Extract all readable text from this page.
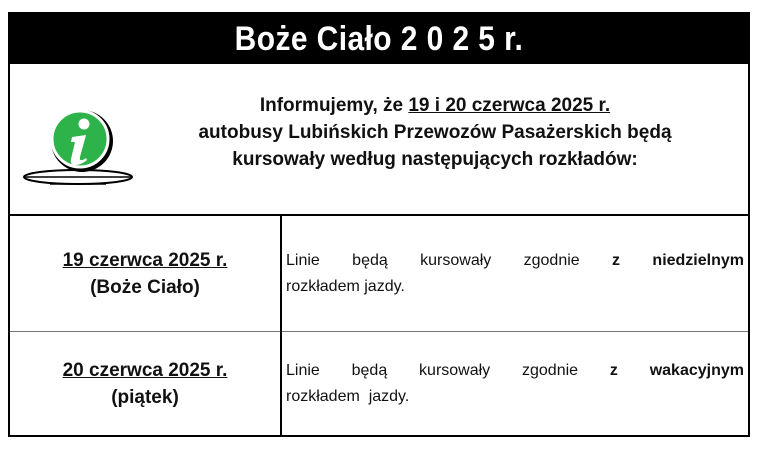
Boże Ciało 2 0 2 5 r.
Informujemy, że 19 i 20 czerwca 2025 r.
autobusy Lubińskich Przewozów Pasażerskich będą
kursowały według następujących rozkładów:
19 czerwca 2025 r.
(Boże Ciało)
Linie będą kursowały zgodnie z niedzielnym
rozkładem jazdy.
20 czerwca 2025 r.
(piątek)
Linie będą kursowały zgodnie z wakacyjnym
rozkładem  jazdy.
